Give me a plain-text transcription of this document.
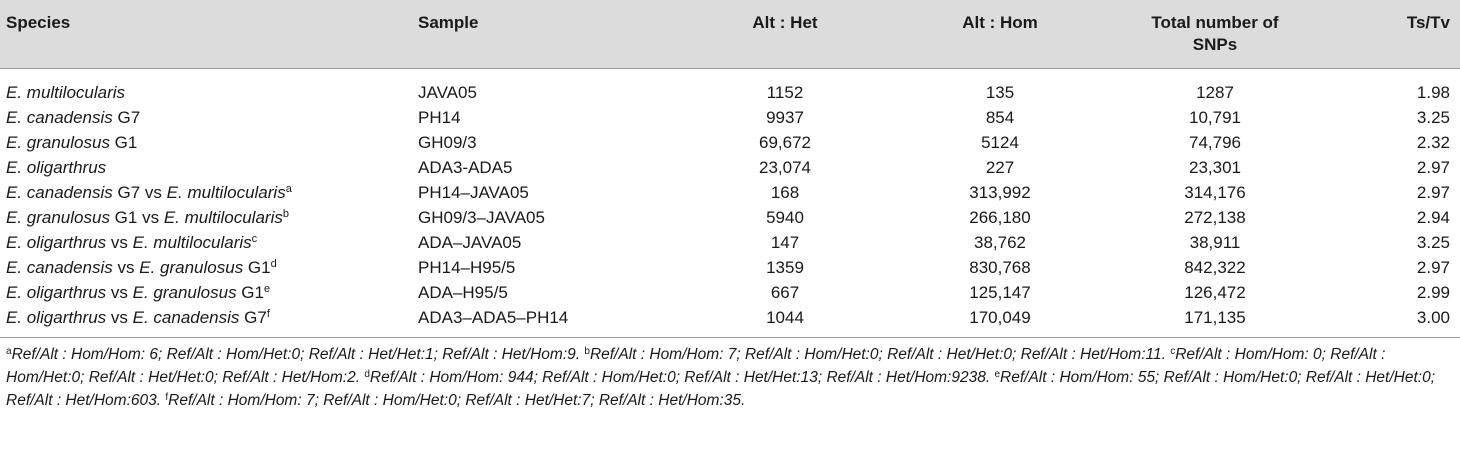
Species	Sample	Alt : Het	Alt : Hom	Total number of SNPs	Ts/Tv
E. multilocularis	JAVA05	1152	135	1287	1.98
E. canadensis G7	PH14	9937	854	10,791	3.25
E. granulosus G1	GH09/3	69,672	5124	74,796	2.32
E. oligarthrus	ADA3-ADA5	23,074	227	23,301	2.97
E. canadensis G7 vs E. multilocularis$^a$	PH14–JAVA05	168	313,992	314,176	2.97
E. granulosus G1 vs E. multilocularis$^b$	GH09/3–JAVA05	5940	266,180	272,138	2.94
E. oligarthrus vs E. multilocularis$^c$	ADA–JAVA05	147	38,762	38,911	3.25
E. canadensis vs E. granulosus G1$^d$	PH14–H95/5	1359	830,768	842,322	2.97
E. oligarthrus vs E. granulosus G1e	ADA–H95/5	667	125,147	126,472	2.99
E. oligarthrus vs E. canadensis G7$^f$	ADA3–ADA5–PH14	1044	170,049	171,135	3.00
$^a$Ref/Alt : Hom/Hom: 6; Ref/Alt : Hom/Het:0; Ref/Alt : Het/Het:1; Ref/Alt : Het/Hom:9. $^b$Ref/Alt : Hom/Hom: 7; Ref/Alt : Hom/Het:0; Ref/Alt : Het/Het:0; Ref/Alt : Het/Hom:11. $^c$Ref/Alt : Hom/Hom: 0; Ref/Alt : Hom/Het:0; Ref/Alt : Het/Het:0; Ref/Alt : Het/Hom:2. $^d$Ref/Alt : Hom/Hom: 944; Ref/Alt : Hom/Het:0; Ref/Alt : Het/Het:13; Ref/Alt : Het/Hom:9238. $^e$Ref/Alt : Hom/Hom: 55; Ref/Alt : Hom/Het:0; Ref/Alt : Het/Het:0; Ref/Alt : Het/Hom:603. $^f$Ref/Alt : Hom/Hom: 7; Ref/Alt : Hom/Het:0; Ref/Alt : Het/Het:7; Ref/Alt : Het/Hom:35.
